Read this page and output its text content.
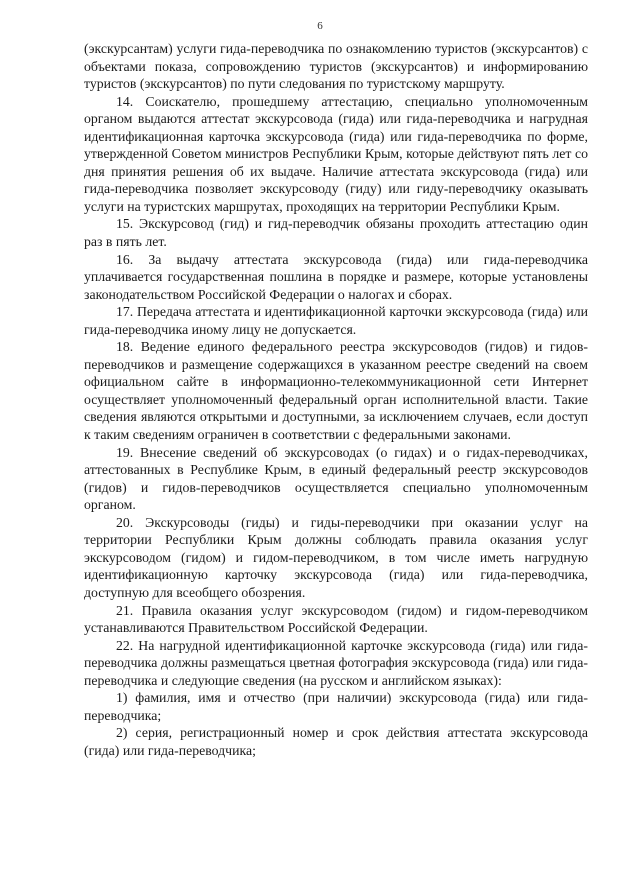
6

(экскурсантам) услуги гида-переводчика по ознакомлению туристов (экскурсантов) с объектами показа, сопровождению туристов (экскурсантов) и информированию туристов (экскурсантов) по пути следования по туристскому маршруту.

14. Соискателю, прошедшему аттестацию, специально уполномоченным органом выдаются аттестат экскурсовода (гида) или гида-переводчика и нагрудная идентификационная карточка экскурсовода (гида) или гида-переводчика по форме, утвержденной Советом министров Республики Крым, которые действуют пять лет со дня принятия решения об их выдаче. Наличие аттестата экскурсовода (гида) или гида-переводчика позволяет экскурсоводу (гиду) или гиду-переводчику оказывать услуги на туристских маршрутах, проходящих на территории Республики Крым.

15. Экскурсовод (гид) и гид-переводчик обязаны проходить аттестацию один раз в пять лет.

16. За выдачу аттестата экскурсовода (гида) или гида-переводчика уплачивается государственная пошлина в порядке и размере, которые установлены законодательством Российской Федерации о налогах и сборах.

17. Передача аттестата и идентификационной карточки экскурсовода (гида) или гида-переводчика иному лицу не допускается.

18. Ведение единого федерального реестра экскурсоводов (гидов) и гидов-переводчиков и размещение содержащихся в указанном реестре сведений на своем официальном сайте в информационно-телекоммуникационной сети Интернет осуществляет уполномоченный федеральный орган исполнительной власти. Такие сведения являются открытыми и доступными, за исключением случаев, если доступ к таким сведениям ограничен в соответствии с федеральными законами.

19. Внесение сведений об экскурсоводах (о гидах) и о гидах-переводчиках, аттестованных в Республике Крым, в единый федеральный реестр экскурсоводов (гидов) и гидов-переводчиков осуществляется специально уполномоченным органом.

20. Экскурсоводы (гиды) и гиды-переводчики при оказании услуг на территории Республики Крым должны соблюдать правила оказания услуг экскурсоводом (гидом) и гидом-переводчиком, в том числе иметь нагрудную идентификационную карточку экскурсовода (гида) или гида-переводчика, доступную для всеобщего обозрения.

21. Правила оказания услуг экскурсоводом (гидом) и гидом-переводчиком устанавливаются Правительством Российской Федерации.

22. На нагрудной идентификационной карточке экскурсовода (гида) или гида-переводчика должны размещаться цветная фотография экскурсовода (гида) или гида-переводчика и следующие сведения (на русском и английском языках):

1) фамилия, имя и отчество (при наличии) экскурсовода (гида) или гида-переводчика;

2) серия, регистрационный номер и срок действия аттестата экскурсовода (гида) или гида-переводчика;
